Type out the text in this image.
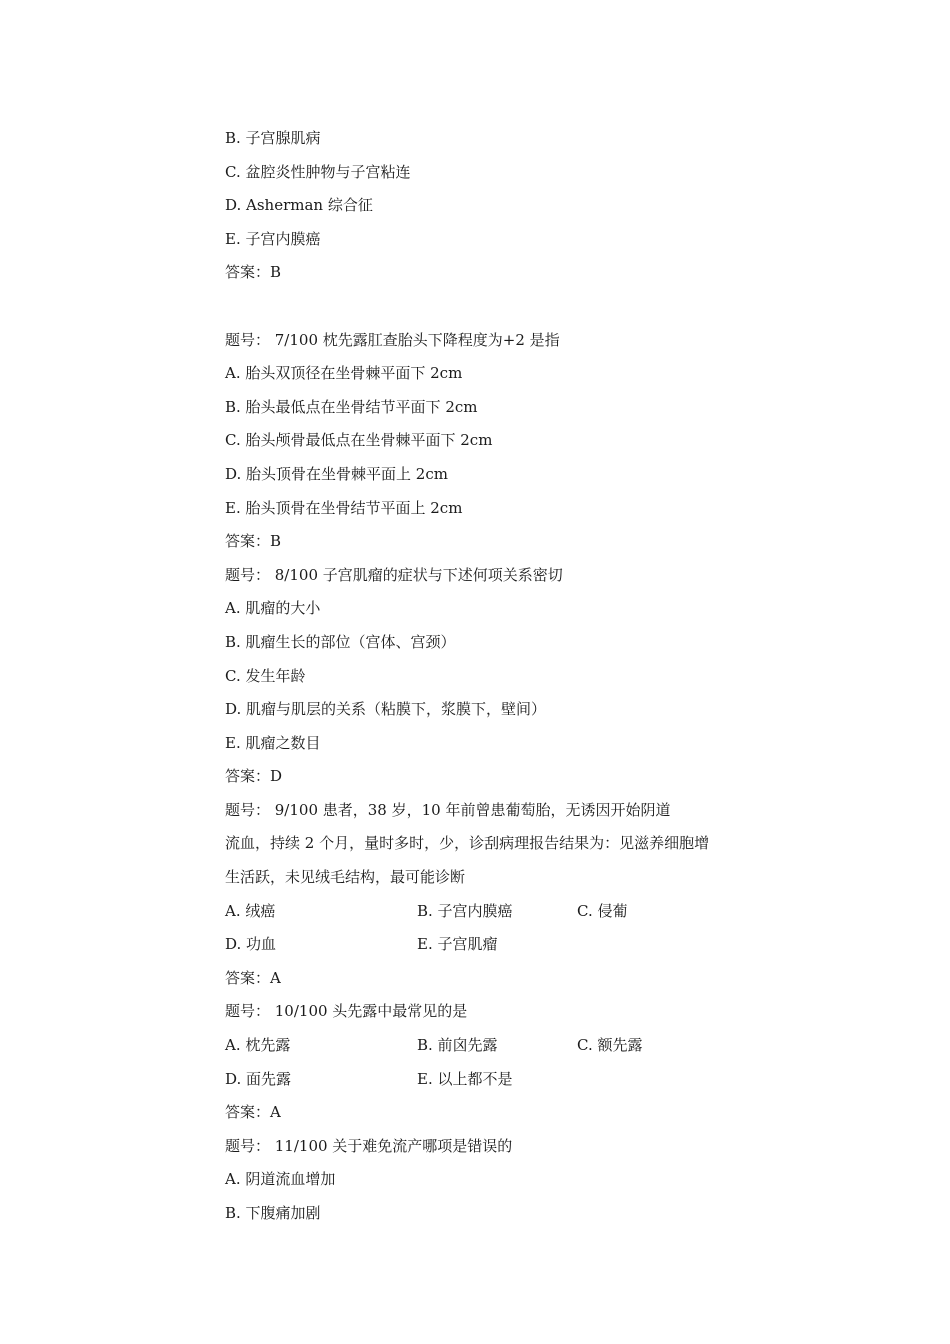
B. 子宫腺肌病
C. 盆腔炎性肿物与子宫粘连
D. Asherman 综合征
E. 子宫内膜癌
答案：B
题号： 7/100 枕先露肛查胎头下降程度为+2 是指
A. 胎头双顶径在坐骨棘平面下 2cm
B. 胎头最低点在坐骨结节平面下 2cm
C. 胎头颅骨最低点在坐骨棘平面下 2cm
D. 胎头顶骨在坐骨棘平面上 2cm
E. 胎头顶骨在坐骨结节平面上 2cm
答案：B
题号： 8/100 子宫肌瘤的症状与下述何项关系密切
A. 肌瘤的大小
B. 肌瘤生长的部位（宫体、宫颈）
C. 发生年龄
D. 肌瘤与肌层的关系（粘膜下，浆膜下，壁间）
E. 肌瘤之数目
答案：D
题号： 9/100 患者，38 岁，10 年前曾患葡萄胎，无诱因开始阴道
流血，持续 2 个月，量时多时，少，诊刮病理报告结果为：见滋养细胞增
生活跃，未见绒毛结构，最可能诊断
A. 绒癌	B. 子宫内膜癌	C. 侵葡
D. 功血	E. 子宫肌瘤
答案：A
题号： 10/100 头先露中最常见的是
A. 枕先露	B. 前囟先露	C. 额先露
D. 面先露	E. 以上都不是
答案：A
题号： 11/100 关于难免流产哪项是错误的
A. 阴道流血增加
B. 下腹痛加剧
